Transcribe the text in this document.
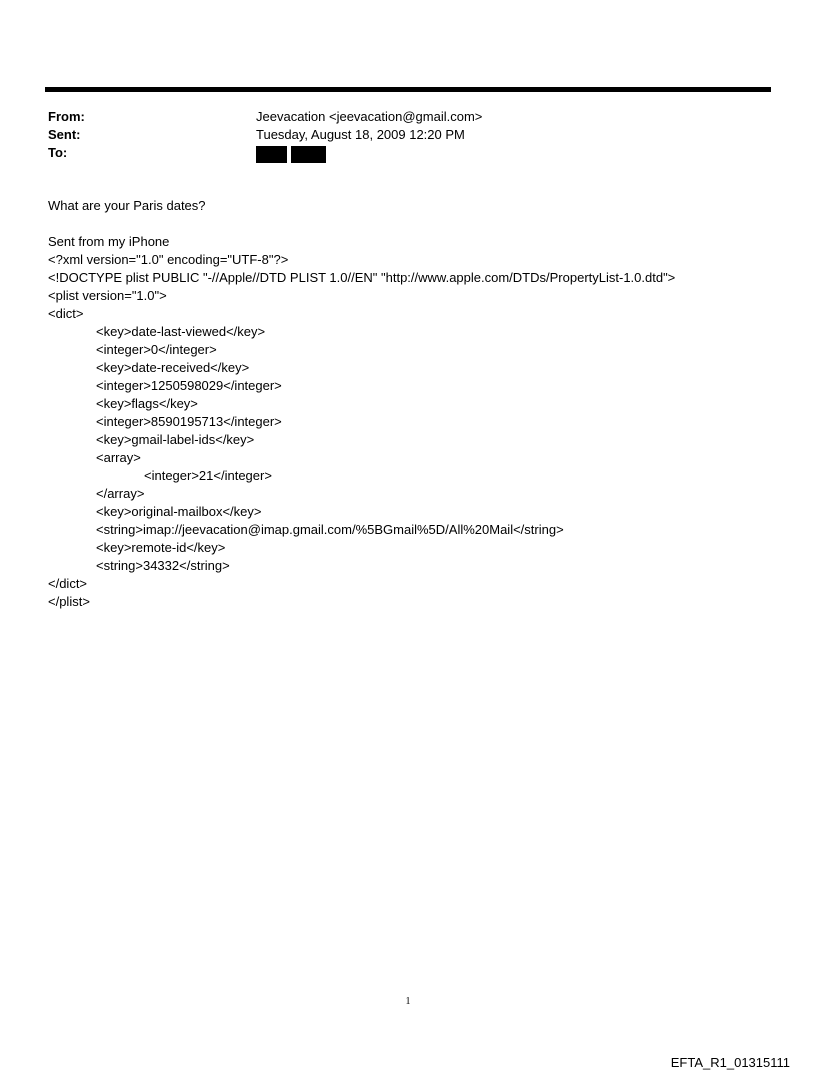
From:	Jeevacation <jeevacation@gmail.com>
Sent:	Tuesday, August 18, 2009 12:20 PM
To:
What are your Paris dates?
Sent from my iPhone
<?xml version="1.0" encoding="UTF-8"?>
<!DOCTYPE plist PUBLIC "-//Apple//DTD PLIST 1.0//EN" "http://www.apple.com/DTDs/PropertyList-1.0.dtd">
<plist version="1.0">
<dict>
<key>date-last-viewed</key>
<integer>0</integer>
<key>date-received</key>
<integer>1250598029</integer>
<key>flags</key>
<integer>8590195713</integer>
<key>gmail-label-ids</key>
<array>
<integer>21</integer>
</array>
<key>original-mailbox</key>
<string>imap://jeevacation@imap.gmail.com/%5BGmail%5D/All%20Mail</string>
<key>remote-id</key>
<string>34332</string>
</dict>
</plist>
1
EFTA_R1_01315111
